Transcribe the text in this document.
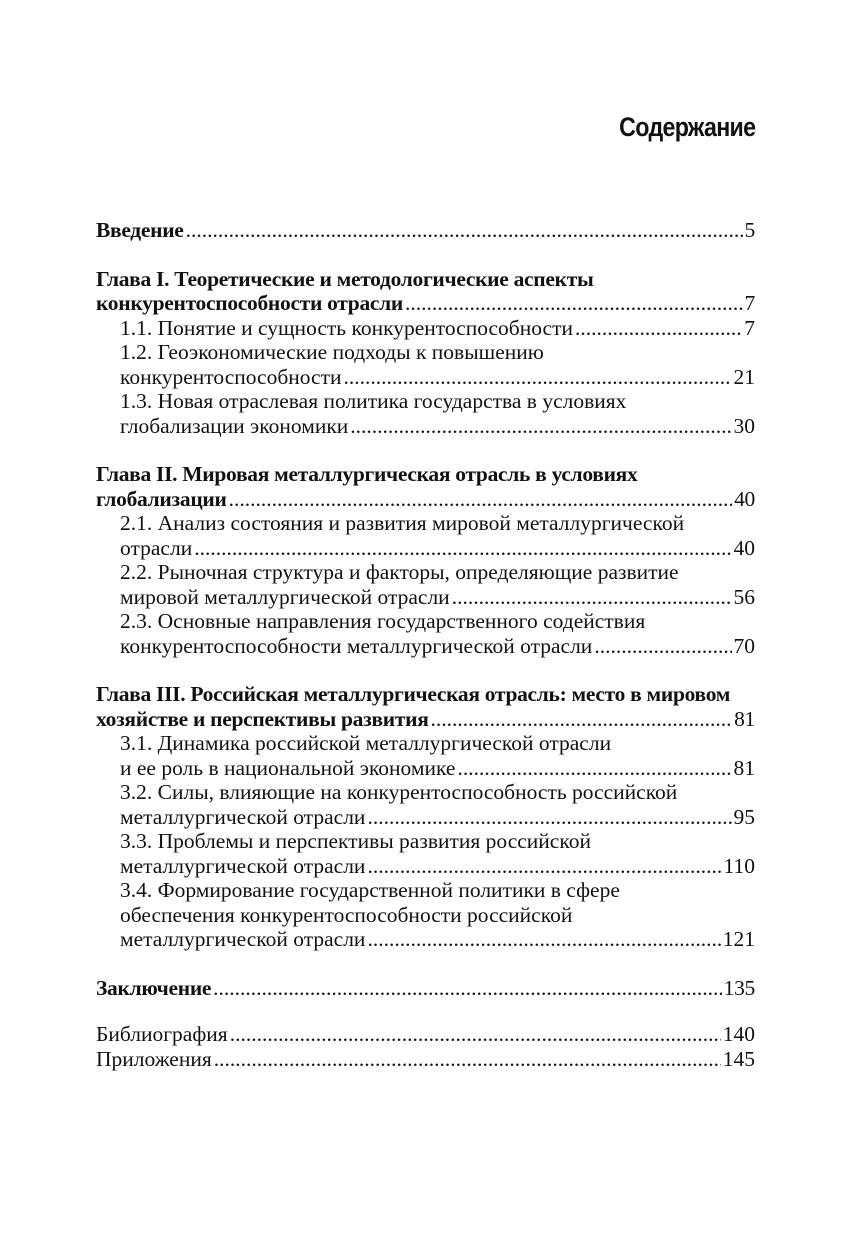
Содержание
Введение .....	5
Глава I. Теоретические и методологические аспекты
конкурентоспособности отрасли .....	7
1.1. Понятие и сущность конкурентоспособности .....	7
1.2. Геоэкономические подходы к повышению
конкурентоспособности .....	21
1.3. Новая отраслевая политика государства в условиях
глобализации экономики .....	30
Глава II. Мировая металлургическая отрасль в условиях
глобализации .....	40
2.1. Анализ состояния и развития мировой металлургической
отрасли .....	40
2.2. Рыночная структура и факторы, определяющие развитие
мировой металлургической отрасли .....	56
2.3. Основные направления государственного содействия
конкурентоспособности металлургической отрасли .....	70
Глава III. Российская металлургическая отрасль: место в мировом
хозяйстве и перспективы развития .....	81
3.1. Динамика российской металлургической отрасли
и ее роль в национальной экономике .....	81
3.2. Силы, влияющие на конкурентоспособность российской
металлургической отрасли .....	95
3.3. Проблемы и перспективы развития российской
металлургической отрасли .....	110
3.4. Формирование государственной политики в сфере
обеспечения конкурентоспособности российской
металлургической отрасли .....	121
Заключение .....	135
Библиография .....	140
Приложения .....	145
